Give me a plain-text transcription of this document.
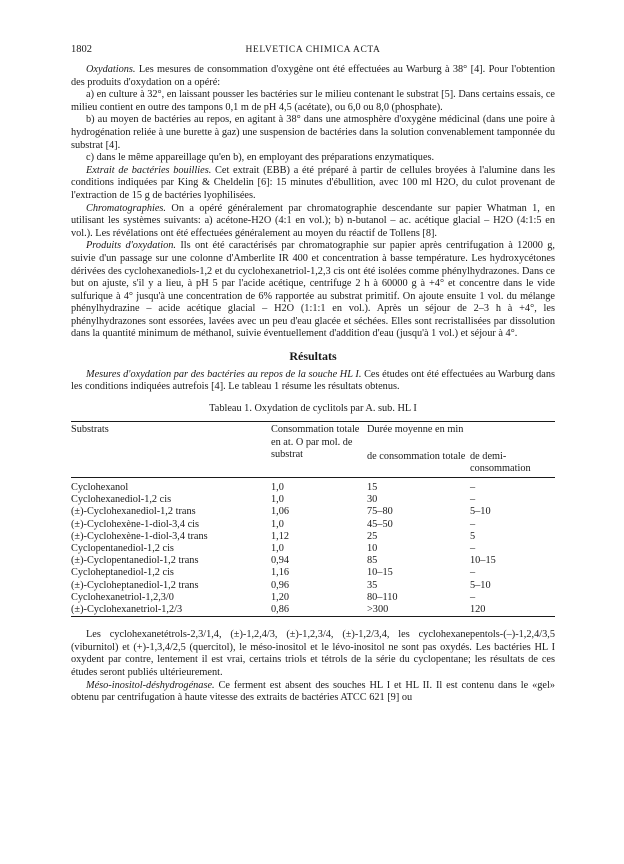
1802	HELVETICA CHIMICA ACTA

Oxydations. Les mesures de consommation d'oxygène ont été effectuées au Warburg à 38° [4]. Pour l'obtention des produits d'oxydation on a opéré:

a) en culture à 32°, en laissant pousser les bactéries sur le milieu contenant le substrat [5]. Dans certains essais, ce milieu contient en outre des tampons 0,1 m de pH 4,5 (acétate), ou 6,0 ou 8,0 (phosphate).

b) au moyen de bactéries au repos, en agitant à 38° dans une atmosphère d'oxygène médicinal (dans une poire à hydrogénation reliée à une burette à gaz) une suspension de bactéries dans la solution convenablement tamponnée du substrat [4].

c) dans le même appareillage qu'en b), en employant des préparations enzymatiques.

Extrait de bactéries bouillies. Cet extrait (EBB) a été préparé à partir de cellules broyées à l'alumine dans les conditions indiquées par King & Cheldelin [6]: 15 minutes d'ébullition, avec 100 ml H2O, du culot provenant de l'extraction de 15 g de bactéries lyophilisées.

Chromatographies. On a opéré généralement par chromatographie descendante sur papier Whatman 1, en utilisant les systèmes suivants: a) acétone-H2O (4:1 en vol.); b) n-butanol – ac. acétique glacial – H2O (4:1:5 en vol.). Les révélations ont été effectuées généralement au moyen du réactif de Tollens [8].

Produits d'oxydation. Ils ont été caractérisés par chromatographie sur papier après centrifugation à 12000 g, suivie d'un passage sur une colonne d'Amberlite IR 400 et concentration à basse température. Les hydroxycétones dérivées des cyclohexanediols-1,2 et du cyclohexanetriol-1,2,3 cis ont été isolées comme phénylhydrazones. Dans ce but on ajuste, s'il y a lieu, à pH 5 par l'acide acétique, centrifuge 2 h à 60000 g à +4° et concentre dans le vide sulfurique à 4° jusqu'à une concentration de 6% rapportée au substrat primitif. On ajoute ensuite 1 vol. du mélange phénylhydrazine – acide acétique glacial – H2O (1:1:1 en vol.). Après un séjour de 2–3 h à +4°, les phénylhydrazones sont essorées, lavées avec un peu d'eau glacée et séchées. Elles sont recristallisées par dissolution dans la quantité minimum de méthanol, suivie éventuellement d'addition d'eau (jusqu'à 1 vol.) et séjour à 4°.

Résultats

Mesures d'oxydation par des bactéries au repos de la souche HL I. Ces études ont été effectuées au Warburg dans les conditions indiquées autrefois [4]. Le tableau 1 résume les résultats obtenus.

Tableau 1. Oxydation de cyclitols par A. sub. HL I
Substrats	Consommation totale en at. O par mol. de substrat	
Durée moyenne en min
de consommation totale	de demi-consommation

Cyclohexanol	1,0	15	–
Cyclohexanediol-1,2 cis	1,0	30	–
(±)-Cyclohexanediol-1,2 trans	1,06	75–80	5–10
(±)-Cyclohexène-1-diol-3,4 cis	1,0	45–50	–
(±)-Cyclohexène-1-diol-3,4 trans	1,12	25	5
Cyclopentanediol-1,2 cis	1,0	10	–
(±)-Cyclopentanediol-1,2 trans	0,94	85	10–15
Cycloheptanediol-1,2 cis	1,16	10–15	–
(±)-Cycloheptanediol-1,2 trans	0,96	35	5–10
Cyclohexanetriol-1,2,3/0	1,20	80–110	–
(±)-Cyclohexanetriol-1,2/3	0,86	>300	120

Les cyclohexanetétrols-2,3/1,4, (±)-1,2,4/3, (±)-1,2,3/4, (±)-1,2/3,4, les cyclohexanepentols-(–)-1,2,4/3,5 (viburnitol) et (+)-1,3,4/2,5 (quercitol), le méso-inositol et le lévo-inositol ne sont pas oxydés. Les bactéries HL I oxydent par contre, lentement il est vrai, certains triols et tétrols de la série du cyclopentane; les résultats de ces études seront publiés ultérieurement.

Méso-inositol-déshydrogénase. Ce ferment est absent des souches HL I et HL II. Il est contenu dans le «gel» obtenu par centrifugation à haute vitesse des extraits de bactéries ATCC 621 [9] ou
